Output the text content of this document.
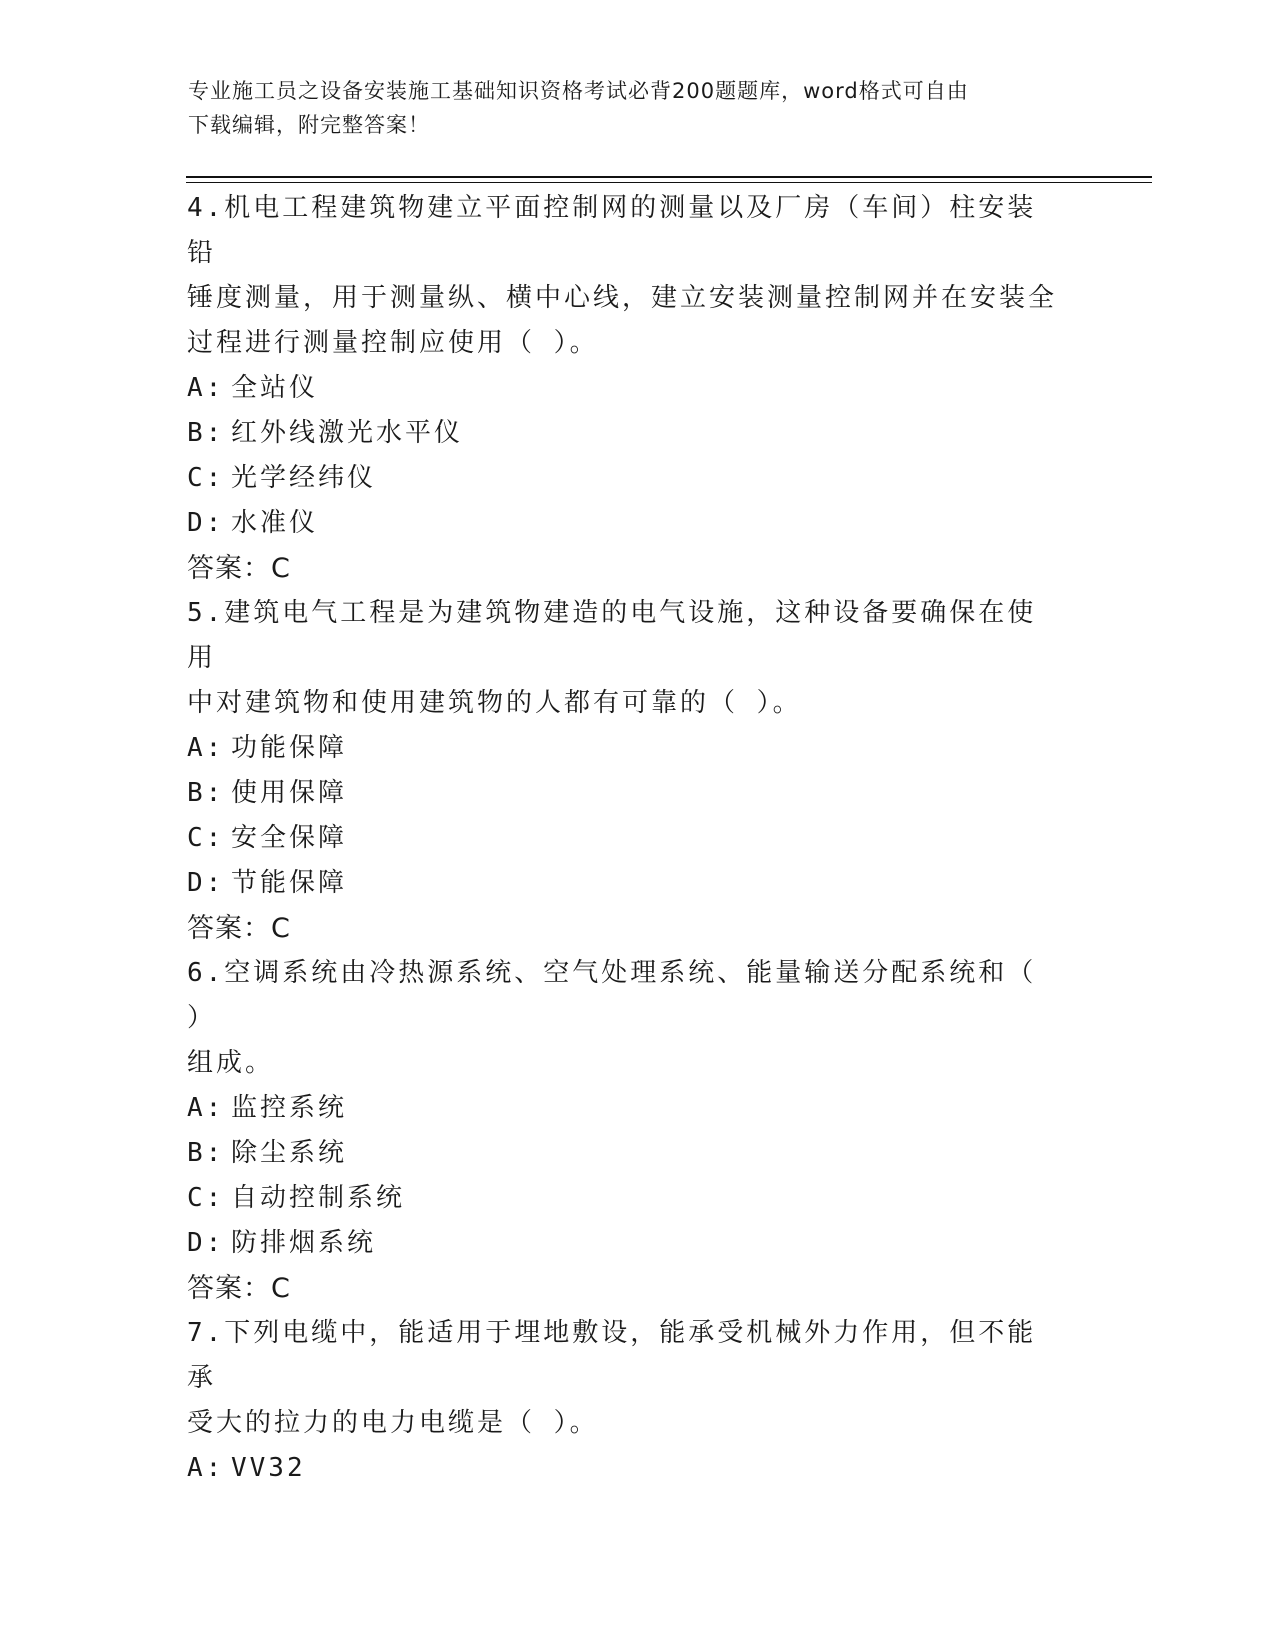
专业施工员之设备安装施工基础知识资格考试必背200题题库，word格式可自由
下载编辑，附完整答案！

4.机电工程建筑物建立平面控制网的测量以及厂房（车间）柱安装铅

锤度测量，用于测量纵、横中心线，建立安装测量控制网并在安装全

过程进行测量控制应使用（ ）。

A: 全站仪

B: 红外线激光水平仪

C: 光学经纬仪

D: 水准仪

答案：C

5.建筑电气工程是为建筑物建造的电气设施，这种设备要确保在使用

中对建筑物和使用建筑物的人都有可靠的（ ）。

A: 功能保障

B: 使用保障

C: 安全保障

D: 节能保障

答案：C

6.空调系统由冷热源系统、空气处理系统、能量输送分配系统和（ ）

组成。

A: 监控系统

B: 除尘系统

C: 自动控制系统

D: 防排烟系统

答案：C

7.下列电缆中，能适用于埋地敷设，能承受机械外力作用，但不能承

受大的拉力的电力电缆是（ ）。

A: VV32
